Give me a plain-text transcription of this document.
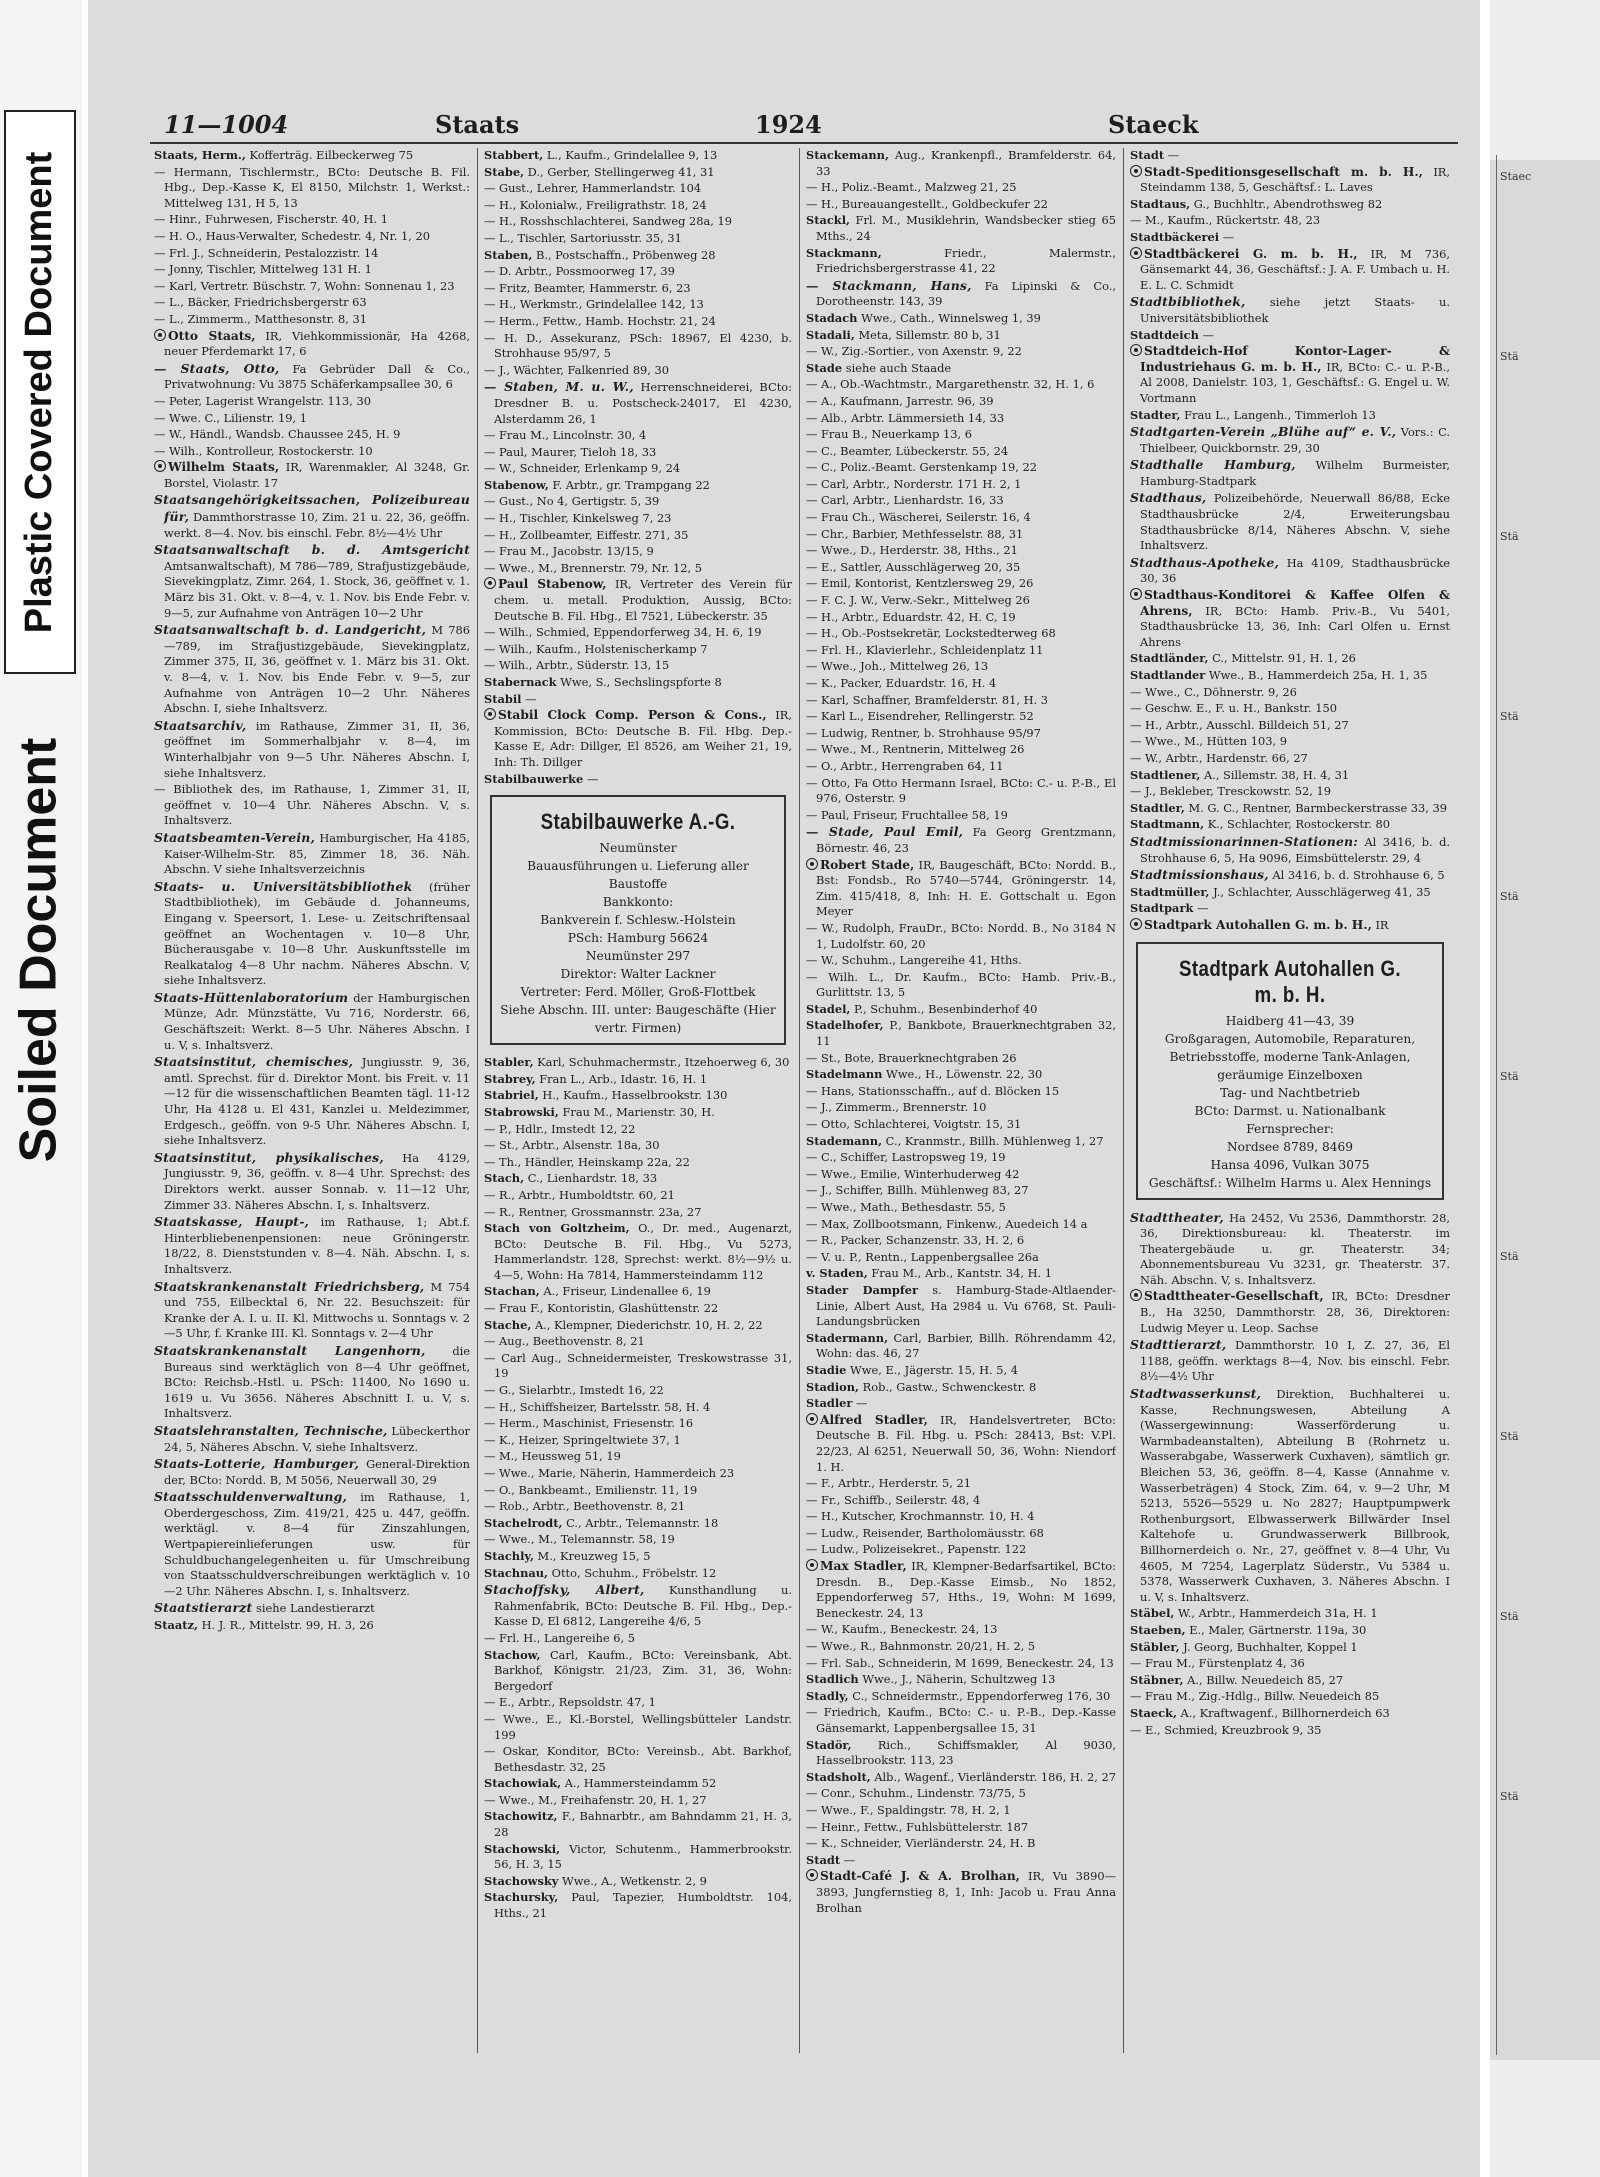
Plastic Covered Document
Soiled Document
11—1004	Staats	1924	Staeck
Staats, Herm., Kofferträg. Eilbeckerweg 75
— Hermann, Tischlermstr., BCto: Deutsche B. Fil. Hbg., Dep.-Kasse K, El 8150, Milchstr. 1, Werkst.: Mittelweg 131, H 5, 13
— Hinr., Fuhrwesen, Fischerstr. 40, H. 1
— H. O., Haus-Verwalter, Schedestr. 4, Nr. 1, 20
— Frl. J., Schneiderin, Pestalozzistr. 14
— Jonny, Tischler, Mittelweg 131 H. 1
— Karl, Vertretr. Büschstr. 7, Wohn: Sonnenau 1, 23
— L., Bäcker, Friedrichsbergerstr 63
— L., Zimmerm., Matthesonstr. 8, 31
Otto Staats, IR, Viehkommissionär, Ha 4268, neuer Pferdemarkt 17, 6
— Staats, Otto, Fa Gebrüder Dall & Co., Privatwohnung: Vu 3875 Schäferkampsallee 30, 6
— Peter, Lagerist Wrangelstr. 113, 30
— Wwe. C., Lilienstr. 19, 1
— W., Händl., Wandsb. Chaussee 245, H. 9
— Wilh., Kontrolleur, Rostockerstr. 10
Wilhelm Staats, IR, Warenmakler, Al 3248, Gr. Borstel, Violastr. 17
Staatsangehörigkeitssachen, Polizeibureau für, Dammthorstrasse 10, Zim. 21 u. 22, 36, geöffn. werkt. 8—4. Nov. bis einschl. Febr. 8½—4½ Uhr
Staatsanwaltschaft b. d. Amtsgericht Amtsanwaltschaft), M 786—789, Strafjustizgebäude, Sievekingplatz, Zimr. 264, 1. Stock, 36, geöffnet v. 1. März bis 31. Okt. v. 8—4, v. 1. Nov. bis Ende Febr. v. 9—5, zur Aufnahme von Anträgen 10—2 Uhr
Staatsanwaltschaft b. d. Landgericht, M 786—789, im Strafjustizgebäude, Sievekingplatz, Zimmer 375, II, 36, geöffnet v. 1. März bis 31. Okt. v. 8—4, v. 1. Nov. bis Ende Febr. v. 9—5, zur Aufnahme von Anträgen 10—2 Uhr. Näheres Abschn. I, siehe Inhaltsverz.
Staatsarchiv, im Rathause, Zimmer 31, II, 36, geöffnet im Sommerhalbjahr v. 8—4, im Winterhalbjahr von 9—5 Uhr. Näheres Abschn. I, siehe Inhaltsverz.
— Bibliothek des, im Rathause, 1, Zimmer 31, II, geöffnet v. 10—4 Uhr. Näheres Abschn. V, s. Inhaltsverz.
Staatsbeamten-Verein, Hamburgischer, Ha 4185, Kaiser-Wilhelm-Str. 85, Zimmer 18, 36. Näh. Abschn. V siehe Inhaltsverzeichnis
Staats- u. Universitätsbibliothek (früher Stadtbibliothek), im Gebäude d. Johanneums, Eingang v. Speersort, 1. Lese- u. Zeitschriftensaal geöffnet an Wochentagen v. 10—8 Uhr, Bücherausgabe v. 10—8 Uhr. Auskunftsstelle im Realkatalog 4—8 Uhr nachm. Näheres Abschn. V, siehe Inhaltsverz.
Staats-Hüttenlaboratorium der Hamburgischen Münze, Adr. Münzstätte, Vu 716, Norderstr. 66, Geschäftszeit: Werkt. 8—5 Uhr. Näheres Abschn. I u. V, s. Inhaltsverz.
Staatsinstitut, chemisches, Jungiusstr. 9, 36, amtl. Sprechst. für d. Direktor Mont. bis Freit. v. 11—12 für die wissenschaftlichen Beamten tägl. 11-12 Uhr, Ha 4128 u. El 431, Kanzlei u. Meldezimmer, Erdgesch., geöffn. von 9-5 Uhr. Näheres Abschn. I, siehe Inhaltsverz.
Staatsinstitut, physikalisches, Ha 4129, Jungiusstr. 9, 36, geöffn. v. 8—4 Uhr. Sprechst: des Direktors werkt. ausser Sonnab. v. 11—12 Uhr, Zimmer 33. Näheres Abschn. I, s. Inhaltsverz.
Staatskasse, Haupt-, im Rathause, 1; Abt.f. Hinterbliebenenpensionen: neue Gröningerstr. 18/22, 8. Dienststunden v. 8—4. Näh. Abschn. I, s. Inhaltsverz.
Staatskrankenanstalt Friedrichsberg, M 754 und 755, Eilbecktal 6, Nr. 22. Besuchszeit: für Kranke der A. I. u. II. Kl. Mittwochs u. Sonntags v. 2—5 Uhr, f. Kranke III. Kl. Sonntags v. 2—4 Uhr
Staatskrankenanstalt Langenhorn, die Bureaus sind werktäglich von 8—4 Uhr geöffnet, BCto: Reichsb.-Hstl. u. PSch: 11400, No 1690 u. 1619 u. Vu 3656. Näheres Abschnitt I. u. V, s. Inhaltsverz.
Staatslehranstalten, Technische, Lübeckerthor 24, 5, Näheres Abschn. V, siehe Inhaltsverz.
Staats-Lotterie, Hamburger, General-Direktion der, BCto: Nordd. B, M 5056, Neuerwall 30, 29
Staatsschuldenverwaltung, im Rathause, 1, Oberdergeschoss, Zim. 419/21, 425 u. 447, geöffn. werktägl. v. 8—4 für Zinszahlungen, Wertpapiereinlieferungen usw. für Schuldbuchangelegenheiten u. für Umschreibung von Staatsschuldverschreibungen werktäglich v. 10—2 Uhr. Näheres Abschn. I, s. Inhaltsverz.
Staatstierarzt siehe Landestierarzt
Staatz, H. J. R., Mittelstr. 99, H. 3, 26
Stabbert, L., Kaufm., Grindelallee 9, 13
Stabe, D., Gerber, Stellingerweg 41, 31
— Gust., Lehrer, Hammerlandstr. 104
— H., Kolonialw., Freiligrathstr. 18, 24
— H., Rosshschlachterei, Sandweg 28a, 19
— L., Tischler, Sartoriusstr. 35, 31
Staben, B., Postschaffn., Pröbenweg 28
— D. Arbtr., Possmoorweg 17, 39
— Fritz, Beamter, Hammerstr. 6, 23
— H., Werkmstr., Grindelallee 142, 13
— Herm., Fettw., Hamb. Hochstr. 21, 24
— H. D., Assekuranz, PSch: 18967, El 4230, b. Strohhause 95/97, 5
— J., Wächter, Falkenried 89, 30
— Staben, M. u. W., Herrenschneiderei, BCto: Dresdner B. u. Postscheck-24017, El 4230, Alsterdamm 26, 1
— Frau M., Lincolnstr. 30, 4
— Paul, Maurer, Tieloh 18, 33
— W., Schneider, Erlenkamp 9, 24
Stabenow, F. Arbtr., gr. Trampgang 22
— Gust., No 4, Gertigstr. 5, 39
— H., Tischler, Kinkelsweg 7, 23
— H., Zollbeamter, Eiffestr. 271, 35
— Frau M., Jacobstr. 13/15, 9
— Wwe., M., Brennerstr. 79, Nr. 12, 5
Paul Stabenow, IR, Vertreter des Verein für chem. u. metall. Produktion, Aussig, BCto: Deutsche B. Fil. Hbg., El 7521, Lübeckerstr. 35
— Wilh., Schmied, Eppendorferweg 34, H. 6, 19
— Wilh., Kaufm., Holstenischerkamp 7
— Wilh., Arbtr., Süderstr. 13, 15
Stabernack Wwe, S., Sechslingspforte 8
Stabil —
Stabil Clock Comp. Person & Cons., IR, Kommission, BCto: Deutsche B. Fil. Hbg. Dep.-Kasse E, Adr: Dillger, El 8526, am Weiher 21, 19, Inh: Th. Dillger
Stabilbauwerke —
Stabilbauwerke A.-G.
Neumünster
Bauausführungen u. Lieferung aller Baustoffe
Bankkonto:
Bankverein f. Schlesw.-Holstein
PSch: Hamburg 56624
Neumünster 297
Direktor: Walter Lackner
Vertreter: Ferd. Möller, Groß-Flottbek
Siehe Abschn. III. unter: Baugeschäfte (Hier vertr. Firmen)
Stabler, Karl, Schuhmachermstr., Itzehoerweg 6, 30
Stabrey, Fran L., Arb., Idastr. 16, H. 1
Stabriel, H., Kaufm., Hasselbrookstr. 130
Stabrowski, Frau M., Marienstr. 30, H.
— P., Hdlr., Imstedt 12, 22
— St., Arbtr., Alsenstr. 18a, 30
— Th., Händler, Heinskamp 22a, 22
Stach, C., Lienhardstr. 18, 33
— R., Arbtr., Humboldtstr. 60, 21
— R., Rentner, Grossmannstr. 23a, 27
Stach von Goltzheim, O., Dr. med., Augenarzt, BCto: Deutsche B. Fil. Hbg., Vu 5273, Hammerlandstr. 128, Sprechst: werkt. 8½—9½ u. 4—5, Wohn: Ha 7814, Hammersteindamm 112
Stachan, A., Friseur, Lindenallee 6, 19
— Frau F., Kontoristin, Glashüttenstr. 22
Stache, A., Klempner, Diederichstr. 10, H. 2, 22
— Aug., Beethovenstr. 8, 21
— Carl Aug., Schneidermeister, Treskowstrasse 31, 19
— G., Sielarbtr., Imstedt 16, 22
— H., Schiffsheizer, Bartelsstr. 58, H. 4
— Herm., Maschinist, Friesenstr. 16
— K., Heizer, Springeltwiete 37, 1
— M., Heussweg 51, 19
— Wwe., Marie, Näherin, Hammerdeich 23
— O., Bankbeamt., Emilienstr. 11, 19
— Rob., Arbtr., Beethovenstr. 8, 21
Stachelrodt, C., Arbtr., Telemannstr. 18
— Wwe., M., Telemannstr. 58, 19
Stachly, M., Kreuzweg 15, 5
Stachnau, Otto, Schuhm., Fröbelstr. 12
Stachoffsky, Albert, Kunsthandlung u. Rahmenfabrik, BCto: Deutsche B. Fil. Hbg., Dep.-Kasse D, El 6812, Langereihe 4/6, 5
— Frl. H., Langereihe 6, 5
Stachow, Carl, Kaufm., BCto: Vereinsbank, Abt. Barkhof, Königstr. 21/23, Zim. 31, 36, Wohn: Bergedorf
— E., Arbtr., Repsoldstr. 47, 1
— Wwe., E., Kl.-Borstel, Wellingsbütteler Landstr. 199
— Oskar, Konditor, BCto: Vereinsb., Abt. Barkhof, Bethesdastr. 32, 25
Stachowiak, A., Hammersteindamm 52
— Wwe., M., Freihafenstr. 20, H. 1, 27
Stachowitz, F., Bahnarbtr., am Bahndamm 21, H. 3, 28
Stachowski, Victor, Schutenm., Hammerbrookstr. 56, H. 3, 15
Stachowsky Wwe., A., Wetkenstr. 2, 9
Stachursky, Paul, Tapezier, Humboldtstr. 104, Hths., 21
Stackemann, Aug., Krankenpfl., Bramfelderstr. 64, 33
— H., Poliz.-Beamt., Malzweg 21, 25
— H., Bureauangestellt., Goldbeckufer 22
Stackl, Frl. M., Musiklehrin, Wandsbecker stieg 65 Mths., 24
Stackmann,	Friedr., Malermstr., Friedrichsbergerstrasse 41, 22
— Stackmann, Hans, Fa Lipinski & Co., Dorotheenstr. 143, 39
Stadach Wwe., Cath., Winnelsweg 1, 39
Stadali, Meta, Sillemstr. 80 b, 31
— W., Zig.-Sortier., von Axenstr. 9, 22
Stade siehe auch Staade
— A., Ob.-Wachtmstr., Margarethenstr. 32, H. 1, 6
— A., Kaufmann, Jarrestr. 96, 39
— Alb., Arbtr. Lämmersieth 14, 33
— Frau B., Neuerkamp 13, 6
— C., Beamter, Lübeckerstr. 55, 24
— C., Poliz.-Beamt. Gerstenkamp 19, 22
— Carl, Arbtr., Norderstr. 171 H. 2, 1
— Carl, Arbtr., Lienhardstr. 16, 33
— Frau Ch., Wäscherei, Seilerstr. 16, 4
— Chr., Barbier, Methfesselstr. 88, 31
— Wwe., D., Herderstr. 38, Hths., 21
— E., Sattler, Ausschlägerweg 20, 35
— Emil, Kontorist, Kentzlersweg 29, 26
— F. C. J. W., Verw.-Sekr., Mittelweg 26
— H., Arbtr., Eduardstr. 42, H. C, 19
— H., Ob.-Postsekretär, Lockstedterweg 68
— Frl. H., Klavierlehr., Schleidenplatz 11
— Wwe., Joh., Mittelweg 26, 13
— K., Packer, Eduardstr. 16, H. 4
— Karl, Schaffner, Bramfelderstr. 81, H. 3
— Karl L., Eisendreher, Rellingerstr. 52
— Ludwig, Rentner, b. Strohhause 95/97
— Wwe., M., Rentnerin, Mittelweg 26
— O., Arbtr., Herrengraben 64, 11
— Otto, Fa Otto Hermann Israel, BCto: C.- u. P.-B., El 976, Osterstr. 9
— Paul, Friseur, Fruchtallee 58, 19
— Stade, Paul Emil, Fa Georg Grentzmann, Börnestr. 46, 23
Robert Stade, IR, Baugeschäft, BCto: Nordd. B., Bst: Fondsb., Ro 5740—5744, Gröningerstr. 14, Zim. 415/418, 8, Inh: H. E. Gottschalt u. Egon Meyer
— W., Rudolph, FrauDr., BCto: Nordd. B., No 3184 N 1, Ludolfstr. 60, 20
— W., Schuhm., Langereihe 41, Hths.
— Wilh. L., Dr. Kaufm., BCto: Hamb. Priv.-B., Gurlittstr. 13, 5
Stadel, P., Schuhm., Besenbinderhof 40
Stadelhofer, P., Bankbote, Brauerknechtgraben 32, 11
— St., Bote, Brauerknechtgraben 26
Stadelmann Wwe., H., Löwenstr. 22, 30
— Hans, Stationsschaffn., auf d. Blöcken 15
— J., Zimmerm., Brennerstr. 10
— Otto, Schlachterei, Voigtstr. 15, 31
Stademann, C., Kranmstr., Billh. Mühlenweg 1, 27
— C., Schiffer, Lastropsweg 19, 19
— Wwe., Emilie, Winterhuderweg 42
— J., Schiffer, Billh. Mühlenweg 83, 27
— Wwe., Math., Bethesdastr. 55, 5
— Max, Zollbootsmann, Finkenw., Auedeich 14 a
— R., Packer, Schanzenstr. 33, H. 2, 6
— V. u. P., Rentn., Lappenbergsallee 26a
v. Staden, Frau M., Arb., Kantstr. 34, H. 1
Stader Dampfer s. Hamburg-Stade-Altlaender-Linie, Albert Aust, Ha 2984 u. Vu 6768, St. Pauli-Landungsbrücken
Stadermann, Carl, Barbier, Billh. Röhrendamm 42, Wohn: das. 46, 27
Stadie Wwe, E., Jägerstr. 15, H. 5, 4
Stadion, Rob., Gastw., Schwenckestr. 8
Stadler —
Alfred Stadler, IR, Handelsvertreter, BCto: Deutsche B. Fil. Hbg. u. PSch: 28413, Bst: V.Pl. 22/23, Al 6251, Neuerwall 50, 36, Wohn: Niendorf 1. H.
— F., Arbtr., Herderstr. 5, 21
— Fr., Schiffb., Seilerstr. 48, 4
— H., Kutscher, Krochmannstr. 10, H. 4
— Ludw., Reisender, Bartholomäusstr. 68
— Ludw., Polizeisekret., Papenstr. 122
Max Stadler, IR, Klempner-Bedarfsartikel, BCto: Dresdn. B., Dep.-Kasse Eimsb., No 1852, Eppendorferweg 57, Hths., 19, Wohn: M 1699, Beneckestr. 24, 13
— W., Kaufm., Beneckestr. 24, 13
— Wwe., R., Bahnmonstr. 20/21, H. 2, 5
— Frl. Sab., Schneiderin, M 1699, Beneckestr. 24, 13
Stadlich Wwe., J., Näherin, Schultzweg 13
Stadly, C., Schneidermstr., Eppendorferweg 176, 30
— Friedrich, Kaufm., BCto: C.- u. P.-B., Dep.-Kasse Gänsemarkt, Lappenbergsallee 15, 31
Stadör, Rich., Schiffsmakler, Al 9030, Hasselbrookstr. 113, 23
Stadsholt, Alb., Wagenf., Vierländerstr. 186, H. 2, 27
— Conr., Schuhm., Lindenstr. 73/75, 5
— Wwe., F., Spaldingstr. 78, H. 2, 1
— Heinr., Fettw., Fuhlsbüttelerstr. 187
— K., Schneider, Vierländerstr. 24, H. B
Stadt —
Stadt-Café J. & A. Brolhan, IR, Vu 3890—3893, Jungfernstieg 8, 1, Inh: Jacob u. Frau Anna Brolhan
Stadt —
Stadt-Speditionsgesellschaft m. b. H., IR, Steindamm 138, 5, Geschäftsf.: L. Laves
Stadtaus, G., Buchhltr., Abendrothsweg 82
— M., Kaufm., Rückertstr. 48, 23
Stadtbäckerei —
Stadtbäckerei G. m. b. H., IR, M 736, Gänsemarkt 44, 36, Geschäftsf.: J. A. F. Umbach u. H. E. L. C. Schmidt
Stadtbibliothek, siehe jetzt Staats- u. Universitätsbibliothek
Stadtdeich —
Stadtdeich-Hof Kontor-Lager- & Industriehaus G. m. b. H., IR, BCto: C.- u. P.-B., Al 2008, Danielstr. 103, 1, Geschäftsf.: G. Engel u. W. Vortmann
Stadter, Frau L., Langenh., Timmerloh 13
Stadtgarten-Verein „Blühe auf“ e. V., Vors.: C. Thielbeer, Quickbornstr. 29, 30
Stadthalle Hamburg, Wilhelm Burmeister, Hamburg-Stadtpark
Stadthaus, Polizeibehörde, Neuerwall 86/88, Ecke Stadthausbrücke 2/4, Erweiterungsbau Stadthausbrücke 8/14, Näheres Abschn. V, siehe Inhaltsverz.
Stadthaus-Apotheke, Ha 4109, Stadthausbrücke 30, 36
Stadthaus-Konditorei & Kaffee Olfen & Ahrens, IR, BCto: Hamb. Priv.-B., Vu 5401, Stadthausbrücke 13, 36, Inh: Carl Olfen u. Ernst Ahrens
Stadtländer, C., Mittelstr. 91, H. 1, 26
Stadtlander Wwe., B., Hammerdeich 25a, H. 1, 35
— Wwe., C., Döhnerstr. 9, 26
— Geschw. E., F. u. H., Bankstr. 150
— H., Arbtr., Ausschl. Billdeich 51, 27
— Wwe., M., Hütten 103, 9
— W., Arbtr., Hardenstr. 66, 27
Stadtlener, A., Sillemstr. 38, H. 4, 31
— J., Bekleber, Tresckowstr. 52, 19
Stadtler, M. G. C., Rentner, Barmbeckerstrasse 33, 39
Stadtmann, K., Schlachter, Rostockerstr. 80
Stadtmissionarinnen-Stationen: Al 3416, b. d. Strohhause 6, 5, Ha 9096, Eimsbüttelerstr. 29, 4
Stadtmissionshaus, Al 3416, b. d. Strohhause 6, 5
Stadtmüller, J., Schlachter, Ausschlägerweg 41, 35
Stadtpark —
Stadtpark Autohallen G. m. b. H., IR
Stadtpark Autohallen G. m. b. H.
Haidberg 41—43, 39
Großgaragen, Automobile, Reparaturen, Betriebsstoffe, moderne Tank-Anlagen, geräumige Einzelboxen
Tag- und Nachtbetrieb
BCto: Darmst. u. Nationalbank
Fernsprecher:
Nordsee 8789, 8469
Hansa 4096, Vulkan 3075
Geschäftsf.: Wilhelm Harms u. Alex Hennings
Stadttheater, Ha 2452, Vu 2536, Dammthorstr. 28, 36, Direktionsbureau: kl. Theaterstr. im Theatergebäude u. gr. Theaterstr. 34; Abonnementsbureau Vu 3231, gr. Theaterstr. 37. Näh. Abschn. V, s. Inhaltsverz.
Stadttheater-Gesellschaft, IR, BCto: Dresdner B., Ha 3250, Dammthorstr. 28, 36, Direktoren: Ludwig Meyer u. Leop. Sachse
Stadttierarzt, Dammthorstr. 10 I, Z. 27, 36, El 1188, geöffn. werktags 8—4, Nov. bis einschl. Febr. 8½—4½ Uhr
Stadtwasserkunst, Direktion, Buchhalterei u. Kasse, Rechnungswesen, Abteilung A (Wassergewinnung: Wasserförderung u. Warmbadeanstalten), Abteilung B (Rohrnetz u. Wasserabgabe, Wasserwerk Cuxhaven), sämtlich gr. Bleichen 53, 36, geöffn. 8—4, Kasse (Annahme v. Wasserbeträgen) 4 Stock, Zim. 64, v. 9—2 Uhr, M 5213, 5526—5529 u. No 2827; Hauptpumpwerk Rothenburgsort, Elbwasserwerk Billwärder Insel Kaltehofe u. Grundwasserwerk Billbrook, Billhornerdeich o. Nr., 27, geöffnet v. 8—4 Uhr, Vu 4605, M 7254, Lagerplatz Süderstr., Vu 5384 u. 5378, Wasserwerk Cuxhaven, 3. Näheres Abschn. I u. V, s. Inhaltsverz.
Stäbel, W., Arbtr., Hammerdeich 31a, H. 1
Staeben, E., Maler, Gärtnerstr. 119a, 30
Stäbler, J. Georg, Buchhalter, Koppel 1
— Frau M., Fürstenplatz 4, 36
Stäbner, A., Billw. Neuedeich 85, 27
— Frau M., Zig.-Hdlg., Billw. Neuedeich 85
Staeck, A., Kraftwagenf., Billhornerdeich 63
— E., Schmied, Kreuzbrook 9, 35
Staec
Stä
Stä
Stä
Stä
Stä
Stä
Stä
Stä
Stä
